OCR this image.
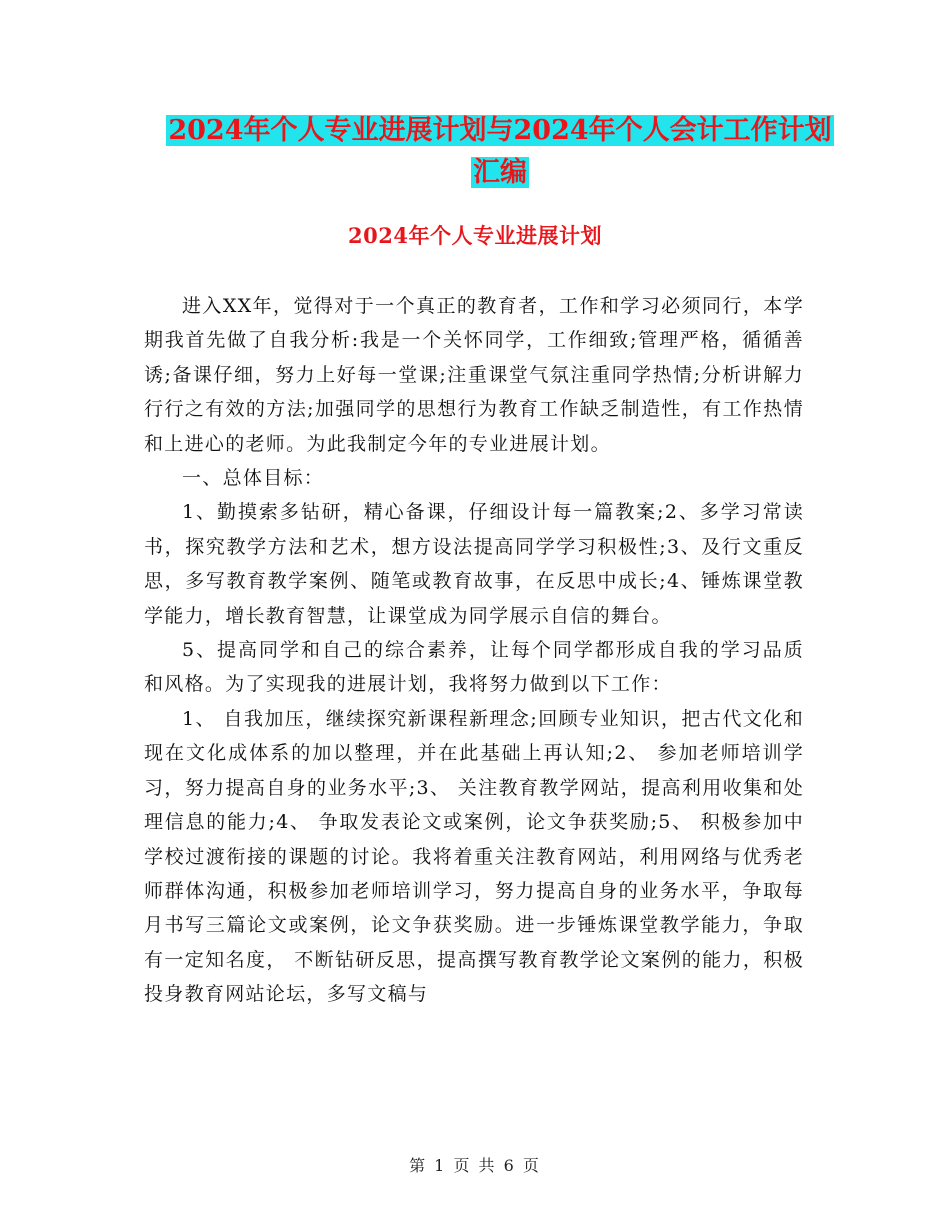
2024年个人专业进展计划与2024年个人会计工作计划
汇编
2024年个人专业进展计划

进入XX年，觉得对于一个真正的教育者，工作和学习必须同行，本学期我首先做了自我分析:我是一个关怀同学，工作细致;管理严格，循循善诱;备课仔细，努力上好每一堂课;注重课堂气氛注重同学热情;分析讲解力行行之有效的方法;加强同学的思想行为教育工作缺乏制造性，有工作热情和上进心的老师。为此我制定今年的专业进展计划。

一、总体目标：

1、勤摸索多钻研，精心备课，仔细设计每一篇教案;2、多学习常读书，探究教学方法和艺术，想方设法提高同学学习积极性;3、及行文重反思，多写教育教学案例、随笔或教育故事，在反思中成长;4、锤炼课堂教学能力，增长教育智慧，让课堂成为同学展示自信的舞台。

5、提高同学和自己的综合素养，让每个同学都形成自我的学习品质和风格。为了实现我的进展计划，我将努力做到以下工作：

1、 自我加压，继续探究新课程新理念;回顾专业知识，把古代文化和现在文化成体系的加以整理，并在此基础上再认知;2、 参加老师培训学习，努力提高自身的业务水平;3、 关注教育教学网站，提高利用收集和处理信息的能力;4、 争取发表论文或案例，论文争获奖励;5、 积极参加中学校过渡衔接的课题的讨论。我将着重关注教育网站，利用网络与优秀老师群体沟通，积极参加老师培训学习，努力提高自身的业务水平，争取每月书写三篇论文或案例，论文争获奖励。进一步锤炼课堂教学能力，争取有一定知名度， 不断钻研反思，提高撰写教育教学论文案例的能力，积极投身教育网站论坛，多写文稿与

第 1 页 共 6 页
